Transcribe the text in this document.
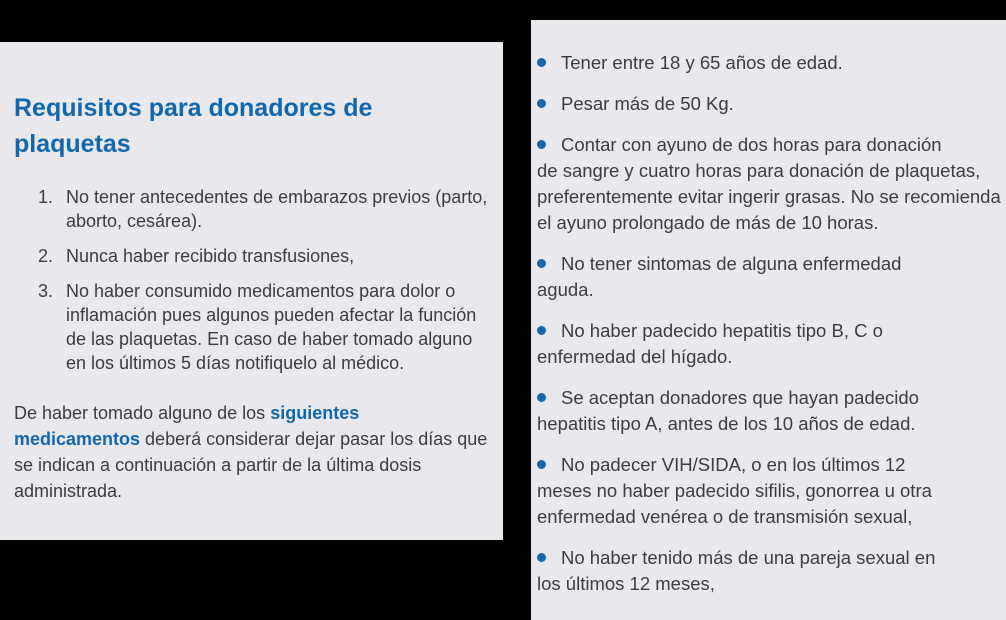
Requisitos para donadores de plaquetas
1. No tener antecedentes de embarazos previos (parto, aborto, cesárea).
2. Nunca haber recibido transfusiones,
3. No haber consumido medicamentos para dolor o inflamación pues algunos pueden afectar la función de las plaquetas. En caso de haber tomado alguno en los últimos 5 días notifiquelo al médico.

De haber tomado alguno de los siguientes medicamentos deberá considerar dejar pasar los días que se indican a continuación a partir de la última dosis administrada.

Tener entre 18 y 65 años de edad.
Pesar más de 50 Kg.
Contar con ayuno de dos horas para donación
de sangre y cuatro horas para donación de plaquetas, preferentemente evitar ingerir grasas. No se recomienda el ayuno prolongado de más de 10 horas.
No tener sintomas de alguna enfermedad
aguda.
No haber padecido hepatitis tipo B, C o
enfermedad del hígado.
Se aceptan donadores que hayan padecido
hepatitis tipo A, antes de los 10 años de edad.
No padecer VIH/SIDA, o en los últimos 12
meses no haber padecido sifilis, gonorrea u otra enfermedad venérea o de transmisión sexual,
No haber tenido más de una pareja sexual en
los últimos 12 meses,
